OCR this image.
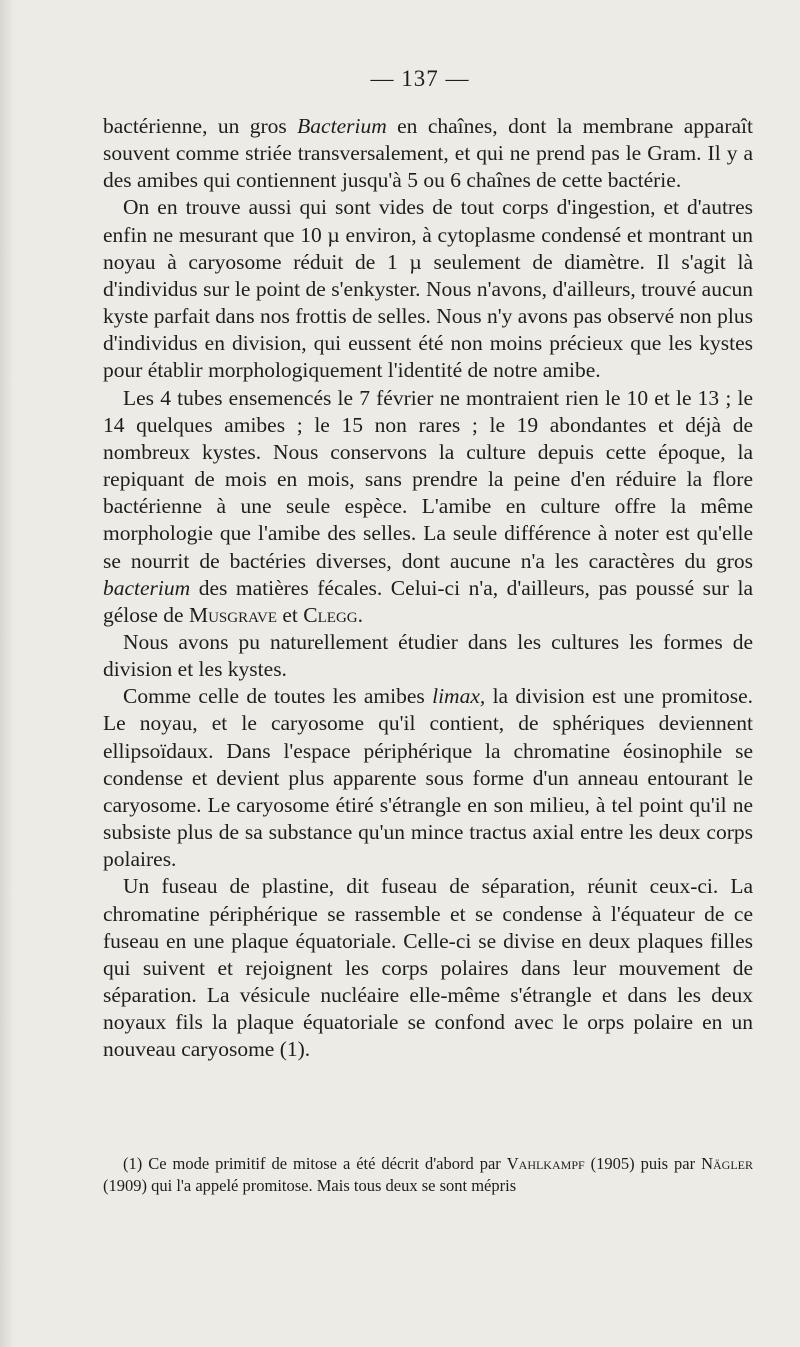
— 137 —

bactérienne, un gros Bacterium en chaînes, dont la membrane apparaît souvent comme striée transversalement, et qui ne prend pas le Gram. Il y a des amibes qui contiennent jusqu'à 5 ou 6 chaînes de cette bactérie.

On en trouve aussi qui sont vides de tout corps d'ingestion, et d'autres enfin ne mesurant que 10 µ environ, à cytoplasme condensé et montrant un noyau à caryosome réduit de 1 µ seulement de diamètre. Il s'agit là d'individus sur le point de s'enkyster. Nous n'avons, d'ailleurs, trouvé aucun kyste parfait dans nos frottis de selles. Nous n'y avons pas observé non plus d'individus en division, qui eussent été non moins précieux que les kystes pour établir morphologiquement l'identité de notre amibe.

Les 4 tubes ensemencés le 7 février ne montraient rien le 10 et le 13 ; le 14 quelques amibes ; le 15 non rares ; le 19 abondantes et déjà de nombreux kystes. Nous conservons la culture depuis cette époque, la repiquant de mois en mois, sans prendre la peine d'en réduire la flore bactérienne à une seule espèce. L'amibe en culture offre la même morphologie que l'amibe des selles. La seule différence à noter est qu'elle se nourrit de bactéries diverses, dont aucune n'a les caractères du gros bacterium des matières fécales. Celui-ci n'a, d'ailleurs, pas poussé sur la gélose de Musgrave et Clegg.

Nous avons pu naturellement étudier dans les cultures les formes de division et les kystes.

Comme celle de toutes les amibes limax, la division est une promitose. Le noyau, et le caryosome qu'il contient, de sphériques deviennent ellipsoïdaux. Dans l'espace périphérique la chromatine éosinophile se condense et devient plus apparente sous forme d'un anneau entourant le caryosome. Le caryosome étiré s'étrangle en son milieu, à tel point qu'il ne subsiste plus de sa substance qu'un mince tractus axial entre les deux corps polaires.

Un fuseau de plastine, dit fuseau de séparation, réunit ceux-ci. La chromatine périphérique se rassemble et se condense à l'équateur de ce fuseau en une plaque équatoriale. Celle-ci se divise en deux plaques filles qui suivent et rejoignent les corps polaires dans leur mouvement de séparation. La vésicule nucléaire elle-même s'étrangle et dans les deux noyaux fils la plaque équatoriale se confond avec le orps polaire en un nouveau caryosome (1).

(1) Ce mode primitif de mitose a été décrit d'abord par Vahlkampf (1905) puis par Nägler (1909) qui l'a appelé promitose. Mais tous deux se sont mépris
